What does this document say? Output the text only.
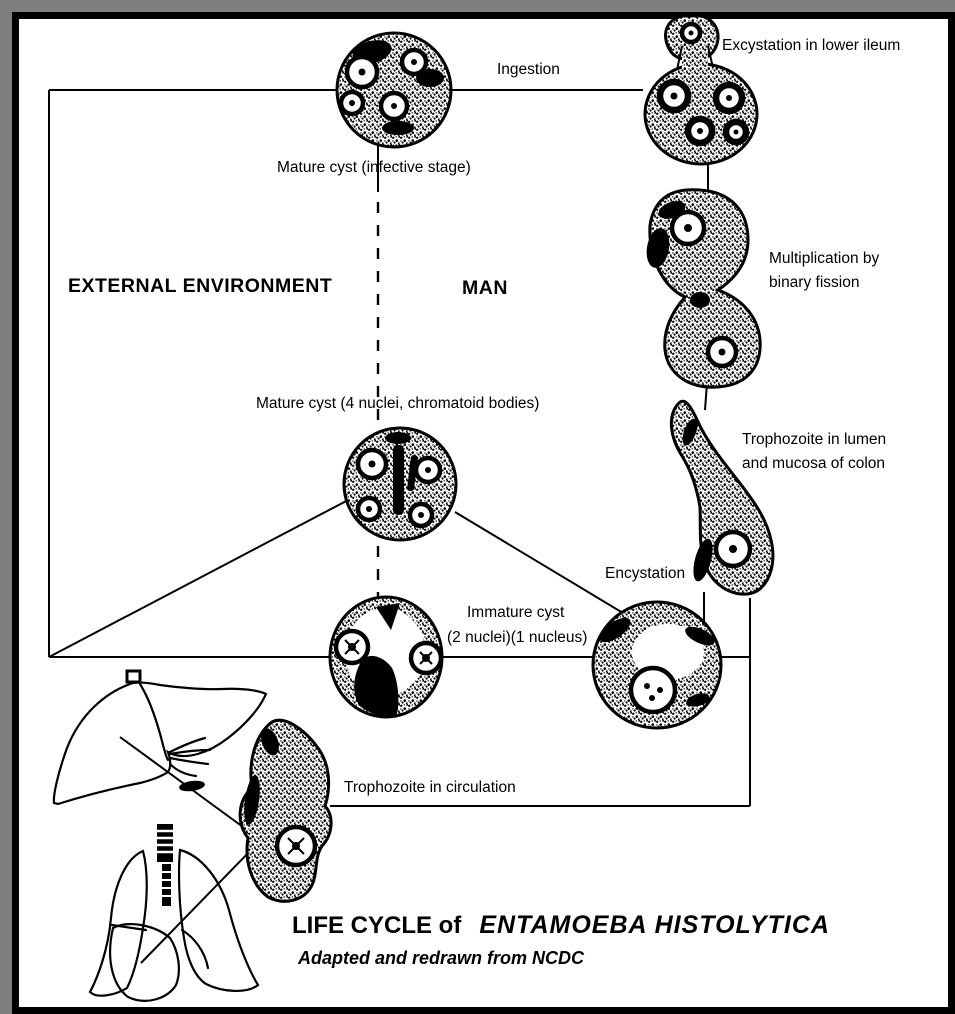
Ingestion
Excystation in lower ileum
Mature cyst (infective stage)
EXTERNAL ENVIRONMENT	MAN
Multiplication by
binary fission
Mature cyst (4 nuclei, chromatoid bodies)
Trophozoite in lumen
and mucosa of colon
Encystation
Immature cyst
(2 nuclei)(1 nucleus)
Trophozoite in circulation
LIFE CYCLE of ENTAMOEBA HISTOLYTICA
Adapted and redrawn from NCDC
